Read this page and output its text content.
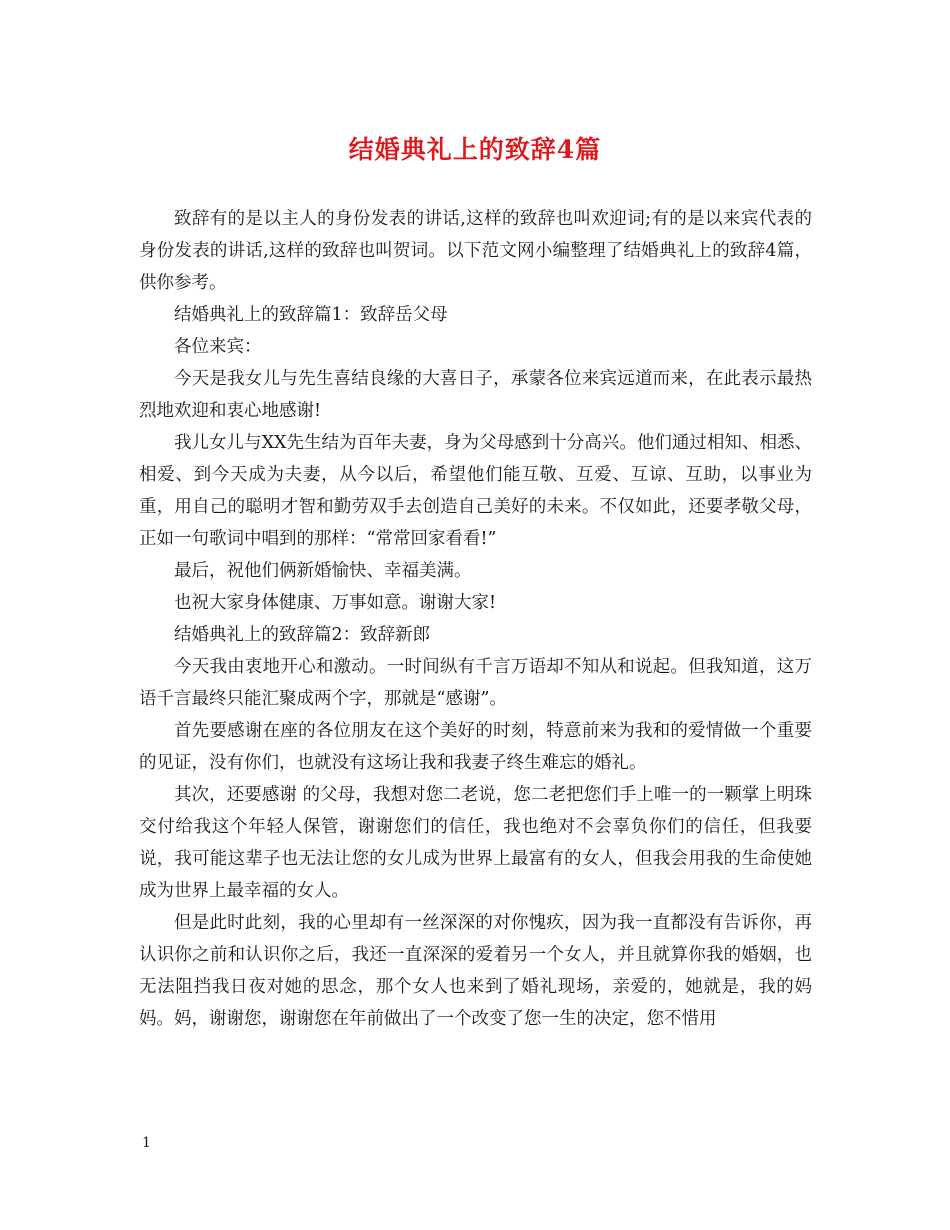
结婚典礼上的致辞4篇

致辞有的是以主人的身份发表的讲话,这样的致辞也叫欢迎词;有的是以来宾代表的身份发表的讲话,这样的致辞也叫贺词。以下范文网小编整理了结婚典礼上的致辞4篇，供你参考。

结婚典礼上的致辞篇1：致辞岳父母

各位来宾：

今天是我女儿与先生喜结良缘的大喜日子，承蒙各位来宾远道而来，在此表示最热烈地欢迎和衷心地感谢!

我儿女儿与XX先生结为百年夫妻，身为父母感到十分高兴。他们通过相知、相悉、相爱、到今天成为夫妻，从今以后，希望他们能互敬、互爱、互谅、互助，以事业为重，用自己的聪明才智和勤劳双手去创造自己美好的未来。不仅如此，还要孝敬父母，正如一句歌词中唱到的那样：“常常回家看看!”

最后，祝他们俩新婚愉快、幸福美满。

也祝大家身体健康、万事如意。谢谢大家!

结婚典礼上的致辞篇2：致辞新郎

今天我由衷地开心和激动。一时间纵有千言万语却不知从和说起。但我知道，这万语千言最终只能汇聚成两个字，那就是“感谢”。

首先要感谢在座的各位朋友在这个美好的时刻，特意前来为我和的爱情做一个重要的见证，没有你们，也就没有这场让我和我妻子终生难忘的婚礼。

其次，还要感谢 的父母，我想对您二老说，您二老把您们手上唯一的一颗掌上明珠交付给我这个年轻人保管，谢谢您们的信任，我也绝对不会辜负你们的信任，但我要说，我可能这辈子也无法让您的女儿成为世界上最富有的女人，但我会用我的生命使她成为世界上最幸福的女人。

但是此时此刻，我的心里却有一丝深深的对你愧疚，因为我一直都没有告诉你，再认识你之前和认识你之后，我还一直深深的爱着另一个女人，并且就算你我的婚姻，也无法阻挡我日夜对她的思念，那个女人也来到了婚礼现场，亲爱的，她就是，我的妈妈。妈，谢谢您，谢谢您在年前做出了一个改变了您一生的决定，您不惜用

1
